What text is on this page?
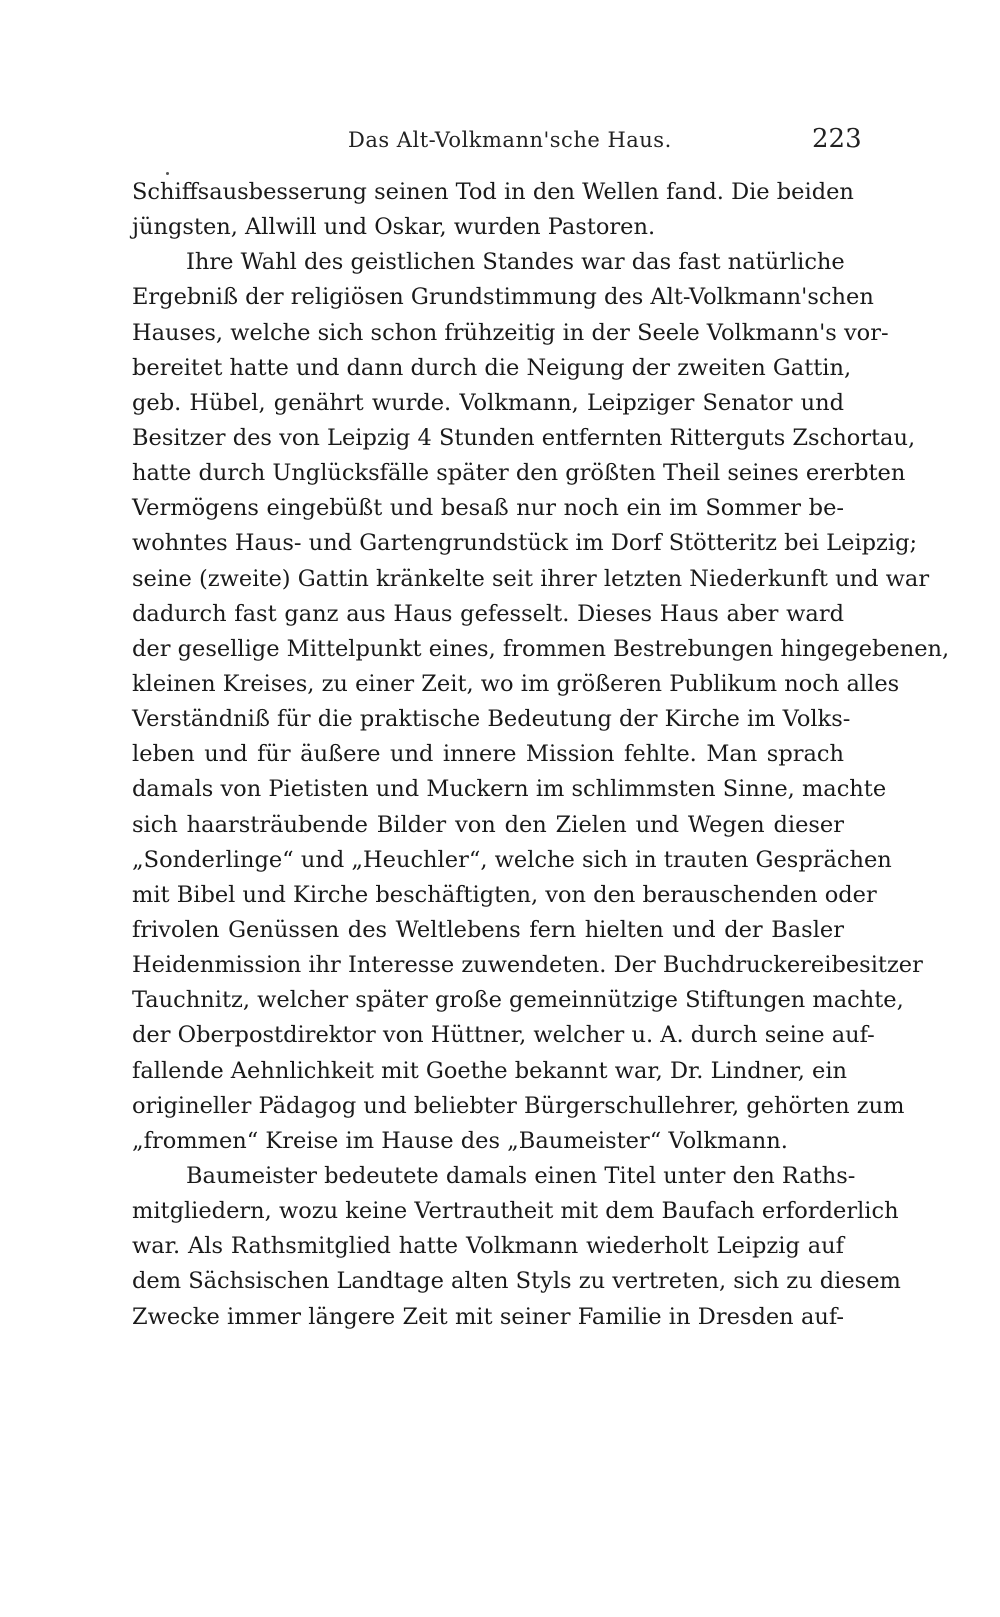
Das Alt-Volkmann'sche Haus.	223
Schiffsausbesserung seinen Tod in den Wellen fand. Die beiden
jüngsten, Allwill und Oskar, wurden Pastoren.
Ihre Wahl des geistlichen Standes war das fast natürliche
Ergebniß der religiösen Grundstimmung des Alt-Volkmann'schen
Hauses, welche sich schon frühzeitig in der Seele Volkmann's vor-
bereitet hatte und dann durch die Neigung der zweiten Gattin,
geb. Hübel, genährt wurde. Volkmann, Leipziger Senator und
Besitzer des von Leipzig 4 Stunden entfernten Ritterguts Zschortau,
hatte durch Unglücksfälle später den größten Theil seines ererbten
Vermögens eingebüßt und besaß nur noch ein im Sommer be-
wohntes Haus- und Gartengrundstück im Dorf Stötteritz bei Leipzig;
seine (zweite) Gattin kränkelte seit ihrer letzten Niederkunft und war
dadurch fast ganz aus Haus gefesselt. Dieses Haus aber ward
der gesellige Mittelpunkt eines, frommen Bestrebungen hingegebenen,
kleinen Kreises, zu einer Zeit, wo im größeren Publikum noch alles
Verständniß für die praktische Bedeutung der Kirche im Volks-
leben und für äußere und innere Mission fehlte. Man sprach
damals von Pietisten und Muckern im schlimmsten Sinne, machte
sich haarsträubende Bilder von den Zielen und Wegen dieser
„Sonderlinge“ und „Heuchler“, welche sich in trauten Gesprächen
mit Bibel und Kirche beschäftigten, von den berauschenden oder
frivolen Genüssen des Weltlebens fern hielten und der Basler
Heidenmission ihr Interesse zuwendeten. Der Buchdruckereibesitzer
Tauchnitz, welcher später große gemeinnützige Stiftungen machte,
der Oberpostdirektor von Hüttner, welcher u. A. durch seine auf-
fallende Aehnlichkeit mit Goethe bekannt war, Dr. Lindner, ein
origineller Pädagog und beliebter Bürgerschullehrer, gehörten zum
„frommen“ Kreise im Hause des „Baumeister“ Volkmann.
Baumeister bedeutete damals einen Titel unter den Raths-
mitgliedern, wozu keine Vertrautheit mit dem Baufach erforderlich
war. Als Rathsmitglied hatte Volkmann wiederholt Leipzig auf
dem Sächsischen Landtage alten Styls zu vertreten, sich zu diesem
Zwecke immer längere Zeit mit seiner Familie in Dresden auf-
